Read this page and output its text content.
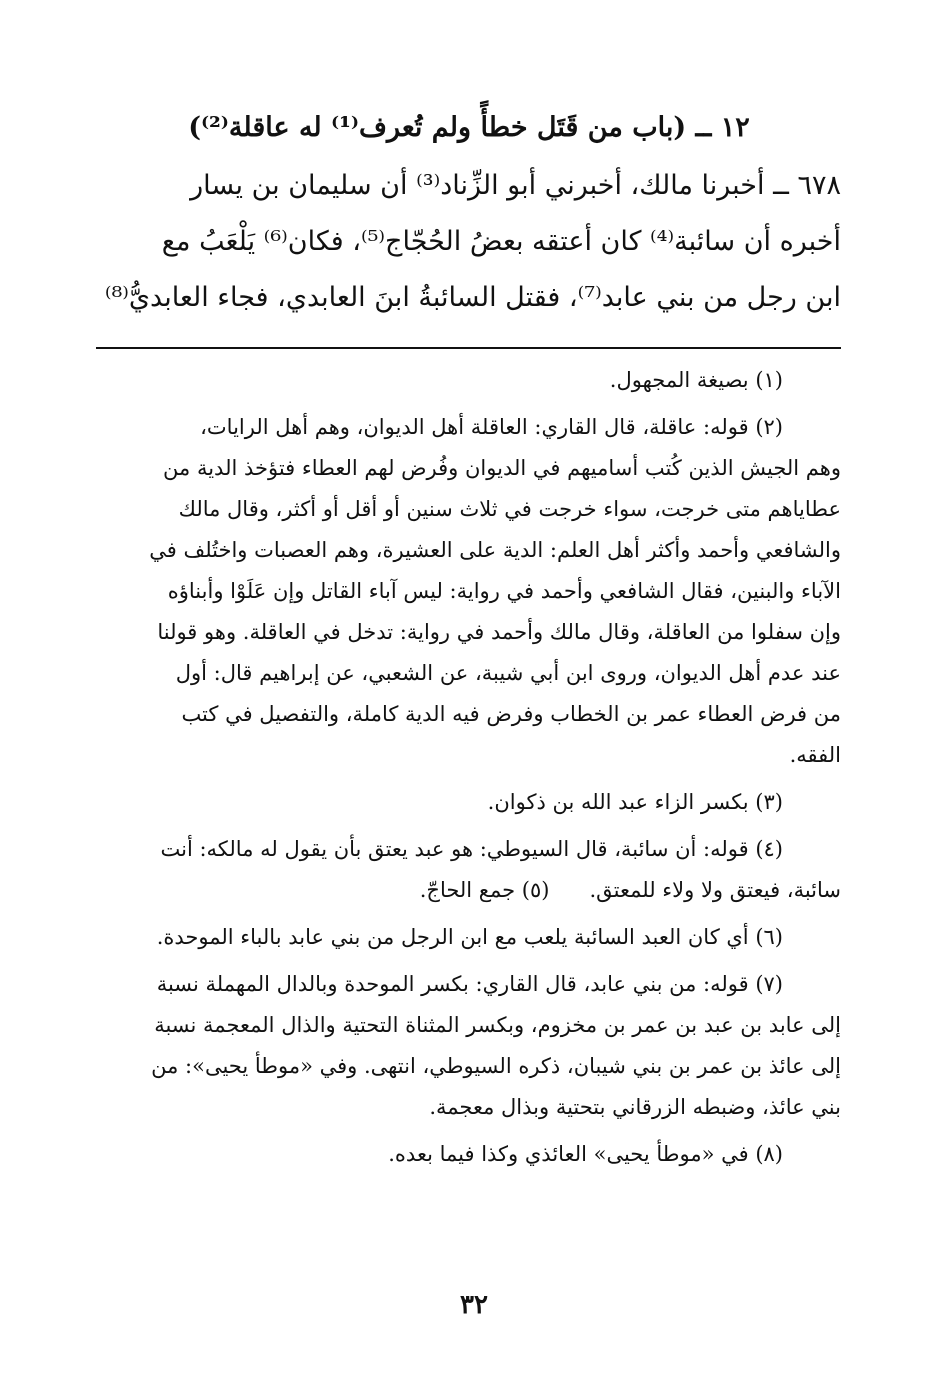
١٢ ــ (باب من قَتَل خطأً ولم تُعرف⁽¹⁾ له عاقلة⁽²⁾)
٦٧٨ ــ أخبرنا مالك، أخبرني أبو الزِّناد⁽³⁾ أن سليمان بن يسار
أخبره أن سائبة⁽⁴⁾ كان أعتقه بعضُ الحُجّاج⁽⁵⁾، فكان⁽⁶⁾ يَلْعَبُ مع
ابن رجل من بني عابد⁽⁷⁾، فقتل السائبةُ ابنَ العابدي، فجاء العابديُّ⁽⁸⁾
(١) بصيغة المجهول.
(٢) قوله: عاقلة، قال القاري: العاقلة أهل الديوان، وهم أهل الرايات،
وهم الجيش الذين كُتب أساميهم في الديوان وفُرض لهم العطاء فتؤخذ الدية من
عطاياهم متى خرجت، سواء خرجت في ثلاث سنين أو أقل أو أكثر، وقال مالك
والشافعي وأحمد وأكثر أهل العلم: الدية على العشيرة، وهم العصبات واختُلف في
الآباء والبنين، فقال الشافعي وأحمد في رواية: ليس آباء القاتل وإن عَلَوْا وأبناؤه
وإن سفلوا من العاقلة، وقال مالك وأحمد في رواية: تدخل في العاقلة. وهو قولنا
عند عدم أهل الديوان، وروى ابن أبي شيبة، عن الشعبي، عن إبراهيم قال: أول
من فرض العطاء عمر بن الخطاب وفرض فيه الدية كاملة، والتفصيل في كتب
الفقه.
(٣) بكسر الزاء عبد الله بن ذكوان.
(٤) قوله: أن سائبة، قال السيوطي: هو عبد يعتق بأن يقول له مالكه: أنت
سائبة، فيعتق ولا ولاء للمعتق.(٥) جمع الحاجّ.
(٦) أي كان العبد السائبة يلعب مع ابن الرجل من بني عابد بالباء الموحدة.
(٧) قوله: من بني عابد، قال القاري: بكسر الموحدة وبالدال المهملة نسبة
إلى عابد بن عبد بن عمر بن مخزوم، وبكسر المثناة التحتية والذال المعجمة نسبة
إلى عائذ بن عمر بن بني شيبان، ذكره السيوطي، انتهى. وفي «موطأ يحيى»: من
بني عائذ، وضبطه الزرقاني بتحتية وبذال معجمة.
(٨) في «موطأ يحيى» العائذي وكذا فيما بعده.
٣٢
